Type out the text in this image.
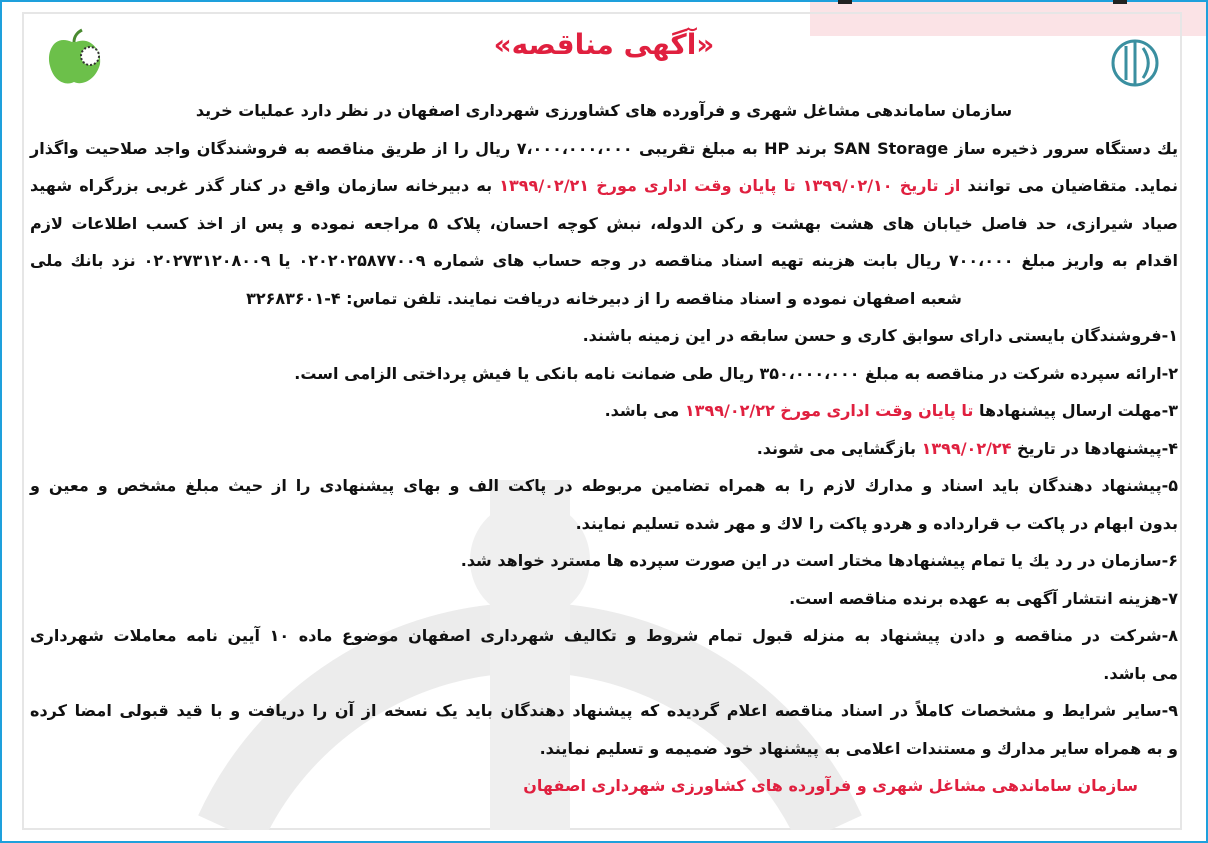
«آگهی مناقصه»
سازمان ساماندهی مشاغل شهری و فرآورده های کشاورزی شهرداری اصفهان در نظر دارد عملیات خرید
یك دستگاه سرور ذخیره ساز SAN Storage برند HP به مبلغ تقریبی ۷،۰۰۰،۰۰۰،۰۰۰ ریال را از طریق مناقصه به فروشندگان واجد صلاحیت واگذار
نماید. متقاضیان می توانند از تاریخ ۱۳۹۹/۰۲/۱۰ تا پایان وقت اداری مورخ ۱۳۹۹/۰۲/۲۱ به دبیرخانه سازمان واقع در کنار گذر غربی بزرگراه شهید
صیاد شیرازی، حد فاصل خیابان های هشت بهشت و رکن الدوله، نبش کوچه احسان، پلاک ۵ مراجعه نموده و پس از اخذ کسب اطلاعات لازم
اقدام به واریز مبلغ ۷۰۰،۰۰۰ ریال بابت هزینه تهیه اسناد مناقصه در وجه حساب های شماره ۰۲۰۲۰۲۵۸۷۷۰۰۹ یا ۰۲۰۲۷۳۱۲۰۸۰۰۹ نزد بانك ملی
شعبه اصفهان نموده و اسناد مناقصه را از دبیرخانه دریافت نمایند. تلفن تماس: ۴-۳۲۶۸۳۶۰۱
۱-فروشندگان بایستی دارای سوابق کاری و حسن سابقه در این زمینه باشند.
۲-ارائه سپرده شرکت در مناقصه به مبلغ ۳۵۰،۰۰۰،۰۰۰ ریال طی ضمانت نامه بانکی یا فیش پرداختی الزامی است.
۳-مهلت ارسال پیشنهادها تا پایان وقت اداری مورخ ۱۳۹۹/۰۲/۲۲ می باشد.
۴-پیشنهادها در تاریخ ۱۳۹۹/۰۲/۲۴ بازگشایی می شوند.
۵-پیشنهاد دهندگان باید اسناد و مدارك لازم را به همراه تضامین مربوطه در پاکت الف و بهای پیشنهادی را از حیث مبلغ مشخص و معین و
بدون ابهام در پاکت ب قرارداده و هردو پاکت را لاك و مهر شده تسلیم نمایند.
۶-سازمان در رد یك یا تمام پیشنهادها مختار است در این صورت سپرده ها مسترد خواهد شد.
۷-هزینه انتشار آگهی به عهده برنده مناقصه است.
۸-شرکت در مناقصه و دادن پیشنهاد به منزله قبول تمام شروط و تکالیف شهرداری اصفهان موضوع ماده ۱۰ آیین نامه معاملات شهرداری
می باشد.
۹-سایر شرایط و مشخصات کاملاً در اسناد مناقصه اعلام گردیده که پیشنهاد دهندگان باید یک نسخه از آن را دریافت و با قید قبولی امضا کرده
و به همراه سایر مدارك و مستندات اعلامی به پیشنهاد خود ضمیمه و تسلیم نمایند.
سازمان ساماندهی مشاغل شهری و فرآورده های کشاورزی شهرداری اصفهان
